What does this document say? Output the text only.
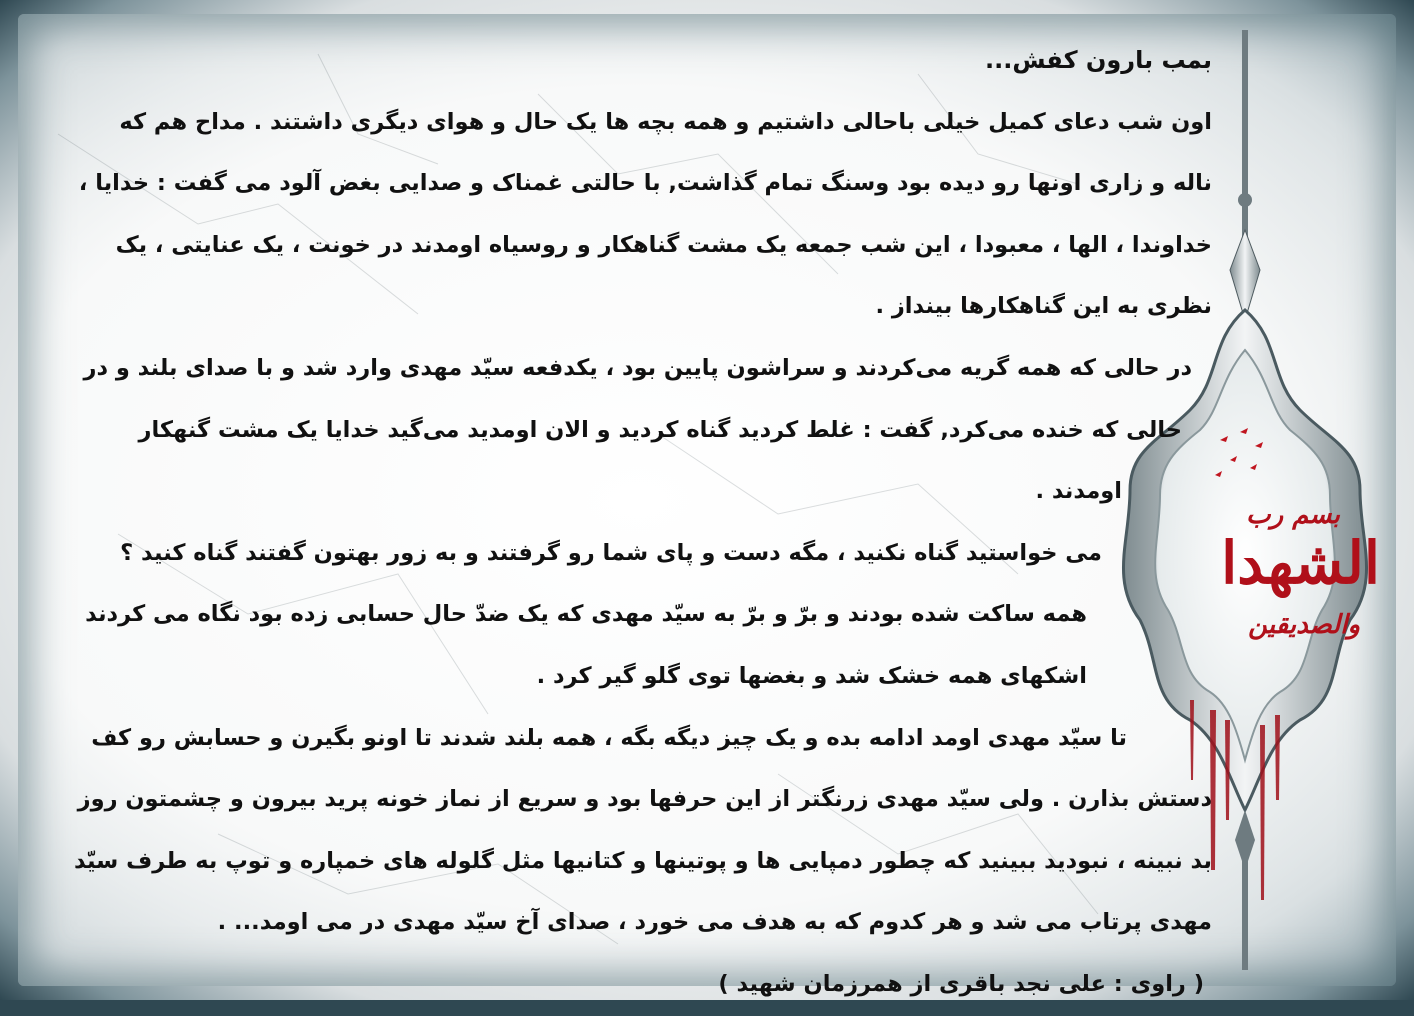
بسم رب
الشهدا
والصدیقین

بمب بارون کفش...

اون شب دعای کمیل خیلی باحالی داشتیم و همه بچه ها یک حال و هوای دیگری داشتند . مداح هم که

ناله و زاری اونها رو دیده بود وسنگ تمام گذاشت, با حالتی غمناک و صدایی بغض آلود می گفت : خدایا ،

خداوندا ، الها ، معبودا ، این شب جمعه یک مشت گناهکار و روسیاه اومدند در خونت ، یک عنایتی ، یک

نظری به این گناهکارها بینداز .

در حالی که همه گریه می‌کردند و سراشون پایین بود ، یکدفعه سیّد مهدی وارد شد و با صدای بلند و در

حالی که خنده می‌کرد, گفت : غلط کردید گناه کردید و الان اومدید می‌گید خدایا یک مشت گنهکار

اومدند .

می خواستید گناه نکنید ، مگه دست و پای شما رو گرفتند و به زور بهتون گفتند گناه کنید ؟

همه ساکت شده بودند و برّ و برّ به سیّد مهدی که یک ضدّ حال حسابی زده بود نگاه می کردند

اشکهای همه خشک شد و بغضها توی گلو گیر کرد .

تا سیّد مهدی اومد ادامه بده و یک چیز دیگه بگه ، همه بلند شدند تا اونو بگیرن و حسابش رو کف

دستش بذارن . ولی سیّد مهدی زرنگتر از این حرفها بود و سریع از نماز خونه پرید بیرون و چشمتون روز

بد نبینه ، نبودید ببینید که چطور دمپایی ها و پوتینها و کتانیها مثل گلوله های خمپاره و توپ به طرف سیّد

مهدی پرتاب می شد و هر کدوم که به هدف می خورد ، صدای آخ سیّد مهدی در می اومد... .

( راوی : علی نجد باقری از همرزمان شهید )
